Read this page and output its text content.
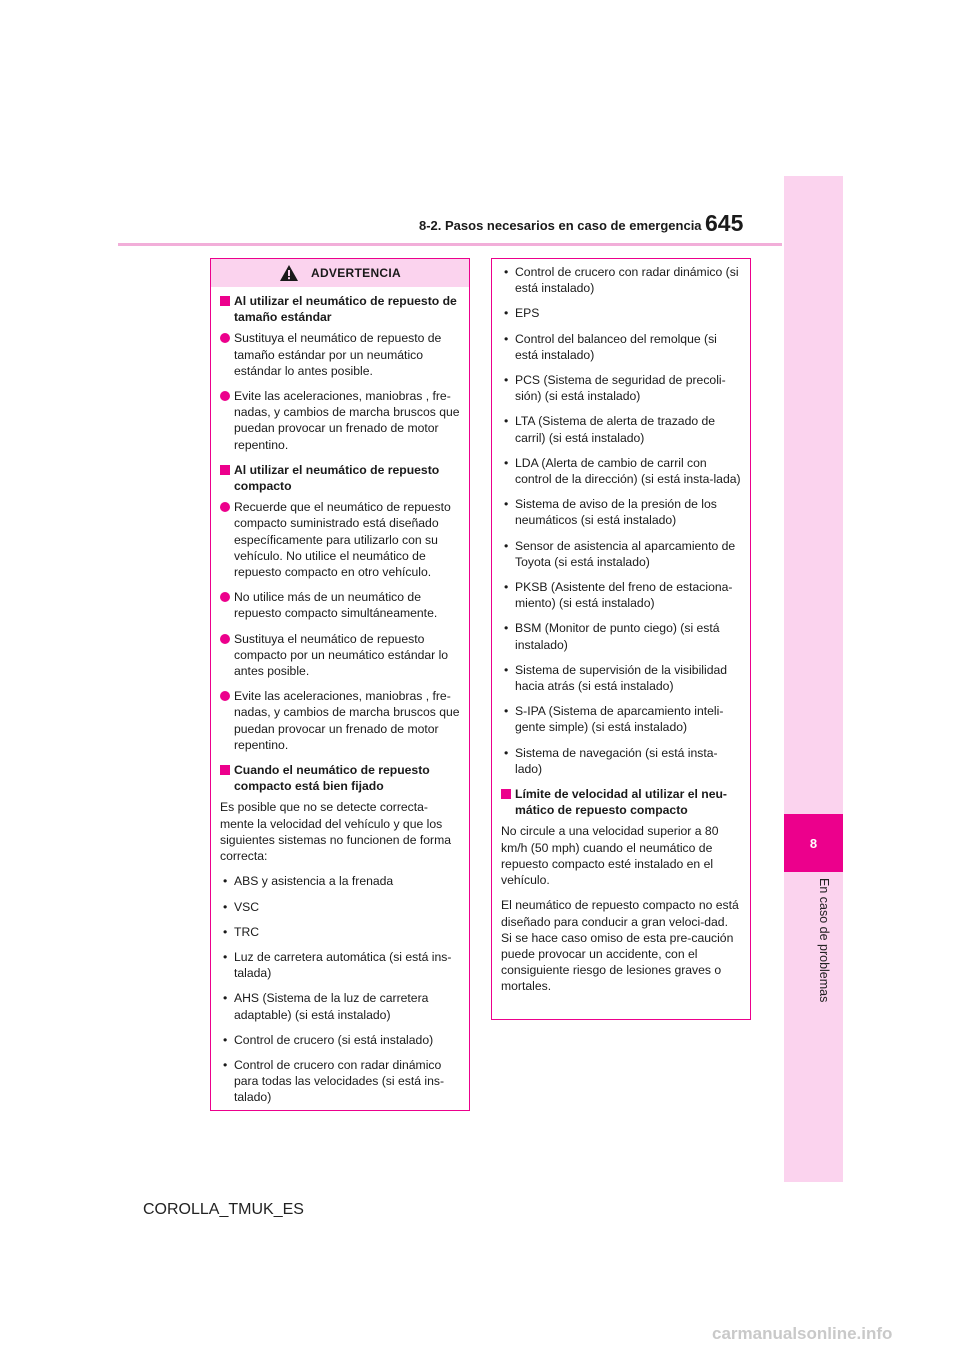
8-2. Pasos necesarios en caso de emergencia 645
8
En caso de problemas
ADVERTENCIA

Al utilizar el neumático de repuesto de tamaño estándar

Sustituya el neumático de repuesto de tamaño estándar por un neumático estándar lo antes posible.

Evite las aceleraciones, maniobras , fre-nadas, y cambios de marcha bruscos que puedan provocar un frenado de motor repentino.

Al utilizar el neumático de repuesto compacto

Recuerde que el neumático de repuesto compacto suministrado está diseñado específicamente para utilizarlo con su vehículo. No utilice el neumático de repuesto compacto en otro vehículo.

No utilice más de un neumático de repuesto compacto simultáneamente.

Sustituya el neumático de repuesto compacto por un neumático estándar lo antes posible.

Evite las aceleraciones, maniobras , fre-nadas, y cambios de marcha bruscos que puedan provocar un frenado de motor repentino.

Cuando el neumático de repuesto compacto está bien fijado

Es posible que no se detecte correcta-mente la velocidad del vehículo y que los siguientes sistemas no funcionen de forma correcta:

• ABS y asistencia a la frenada

• VSC

• TRC

• Luz de carretera automática (si está ins-talada)

• AHS (Sistema de la luz de carretera adaptable) (si está instalado)

• Control de crucero (si está instalado)

• Control de crucero con radar dinámico para todas las velocidades (si está ins-talado)

• Control de crucero con radar dinámico (si está instalado)

• EPS

• Control del balanceo del remolque (si está instalado)

• PCS (Sistema de seguridad de precoli-sión) (si está instalado)

• LTA (Sistema de alerta de trazado de carril) (si está instalado)

• LDA (Alerta de cambio de carril con control de la dirección) (si está insta-lada)

• Sistema de aviso de la presión de los neumáticos (si está instalado)

• Sensor de asistencia al aparcamiento de Toyota (si está instalado)

• PKSB (Asistente del freno de estaciona-miento) (si está instalado)

• BSM (Monitor de punto ciego) (si está instalado)

• Sistema de supervisión de la visibilidad hacia atrás (si está instalado)

• S-IPA (Sistema de aparcamiento inteli-gente simple) (si está instalado)

• Sistema de navegación (si está insta-lado)

Límite de velocidad al utilizar el neu-mático de repuesto compacto

No circule a una velocidad superior a 80 km/h (50 mph) cuando el neumático de repuesto compacto esté instalado en el vehículo.

El neumático de repuesto compacto no está diseñado para conducir a gran veloci-dad. Si se hace caso omiso de esta pre-caución puede provocar un accidente, con el consiguiente riesgo de lesiones graves o mortales.

COROLLA_TMUK_ES
carmanualsonline.info
